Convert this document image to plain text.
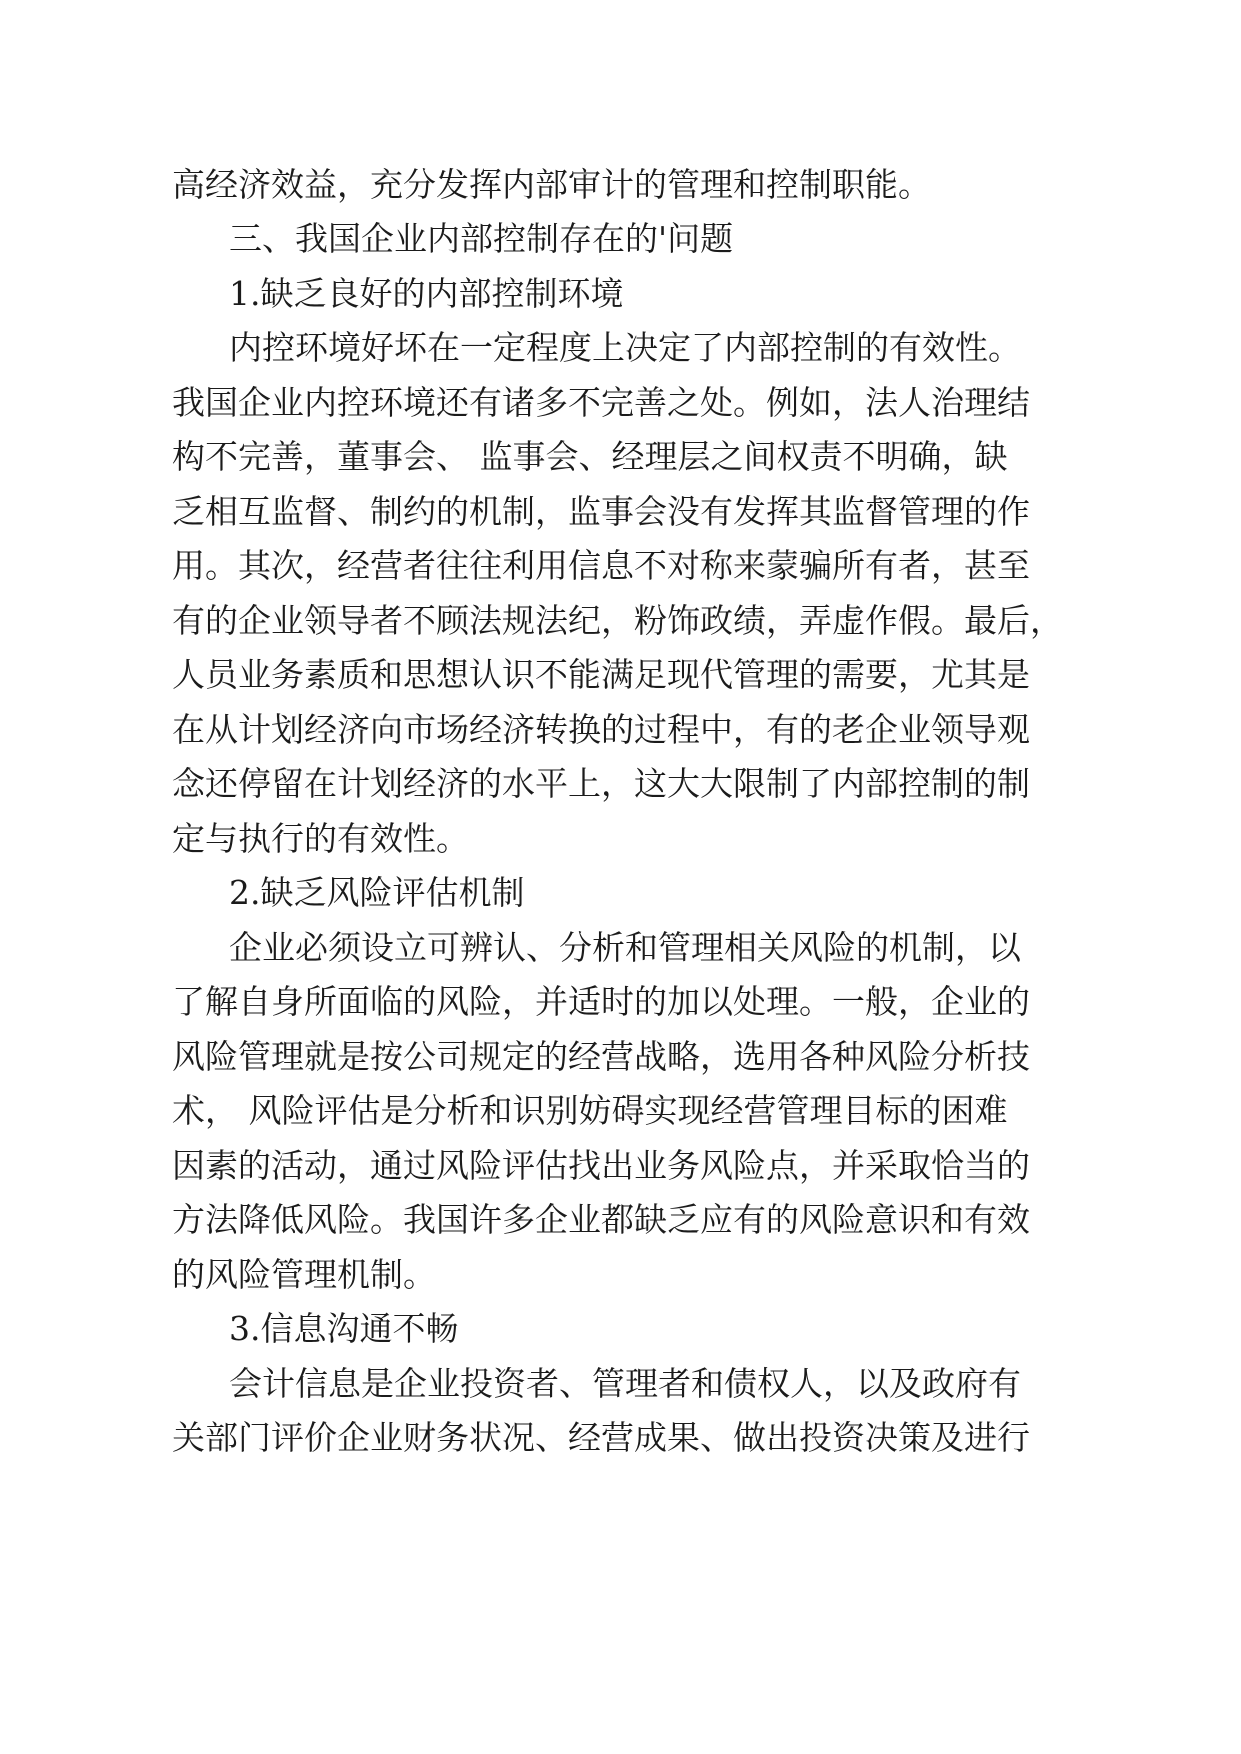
高经济效益，充分发挥内部审计的管理和控制职能。
三、我国企业内部控制存在的'问题
1.缺乏良好的内部控制环境
内控环境好坏在一定程度上决定了内部控制的有效性。
我国企业内控环境还有诸多不完善之处。例如，法人治理结
构不完善，董事会、 监事会、经理层之间权责不明确，缺
乏相互监督、制约的机制，监事会没有发挥其监督管理的作
用。其次，经营者往往利用信息不对称来蒙骗所有者，甚至
有的企业领导者不顾法规法纪，粉饰政绩，弄虚作假。最后，
人员业务素质和思想认识不能满足现代管理的需要，尤其是
在从计划经济向市场经济转换的过程中，有的老企业领导观
念还停留在计划经济的水平上，这大大限制了内部控制的制
定与执行的有效性。
2.缺乏风险评估机制
企业必须设立可辨认、分析和管理相关风险的机制，以
了解自身所面临的风险，并适时的加以处理。一般，企业的
风险管理就是按公司规定的经营战略，选用各种风险分析技
术， 风险评估是分析和识别妨碍实现经营管理目标的困难
因素的活动，通过风险评估找出业务风险点，并采取恰当的
方法降低风险。我国许多企业都缺乏应有的风险意识和有效
的风险管理机制。
3.信息沟通不畅
会计信息是企业投资者、管理者和债权人，以及政府有
关部门评价企业财务状况、经营成果、做出投资决策及进行
